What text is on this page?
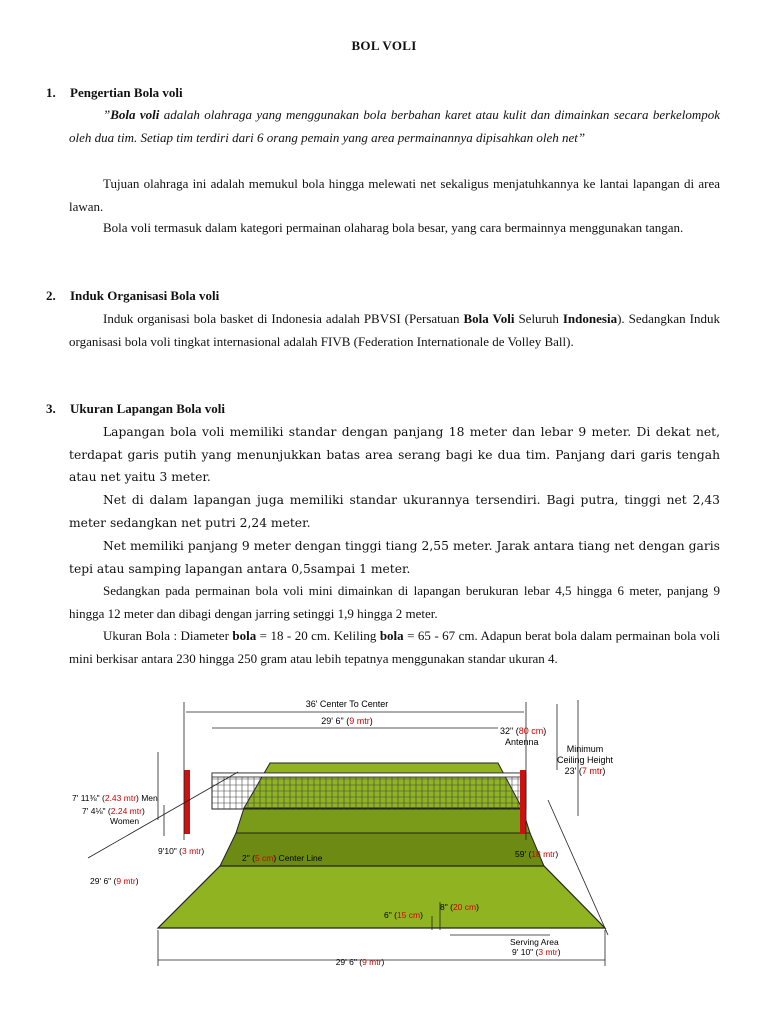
BOL VOLI
1. Pengertian Bola voli

”Bola voli adalah olahraga yang menggunakan bola berbahan karet atau kulit dan dimainkan secara berkelompok oleh dua tim. Setiap tim terdiri dari 6 orang pemain yang area permainannya dipisahkan oleh net”

Tujuan olahraga ini adalah memukul bola hingga melewati net sekaligus menjatuhkannya ke lantai lapangan di area lawan.

Bola voli termasuk dalam kategori permainan olaharag bola besar, yang cara bermainnya menggunakan tangan.

2. Induk Organisasi Bola voli

Induk organisasi bola basket di Indonesia adalah PBVSI (Persatuan Bola Voli Seluruh Indonesia). Sedangkan Induk organisasi bola voli tingkat internasional adalah FIVB (Federation Internationale de Volley Ball).

3. Ukuran Lapangan Bola voli

Lapangan bola voli memiliki standar dengan panjang 18 meter dan lebar 9 meter. Di dekat net, terdapat garis putih yang menunjukkan batas area serang bagi ke dua tim. Panjang dari garis tengah atau net yaitu 3 meter.

Net di dalam lapangan juga memiliki standar ukurannya tersendiri. Bagi putra, tinggi net 2,43 meter sedangkan net putri 2,24 meter.

Net memiliki panjang 9 meter dengan tinggi tiang 2,55 meter. Jarak antara tiang net dengan garis tepi atau samping lapangan antara 0,5sampai 1 meter.

Sedangkan pada permainan bola voli mini dimainkan di lapangan berukuran lebar 4,5 hingga 6 meter, panjang 9 hingga 12 meter dan dibagi dengan jarring setinggi 1,9 hingga 2 meter.

Ukuran Bola : Diameter bola = 18 - 20 cm. Keliling bola = 65 - 67 cm. Adapun berat bola dalam permainan bola voli mini berkisar antara 230 hingga 250 gram atau lebih tepatnya menggunakan standar ukuran 4.

36' Center To Center
29' 6" (9 mtr)
32" (80 cm)
Antenna
Minimum
Ceiling Height
23' (7 mtr)
7' 11⅜" (2.43 mtr) Men
7' 4⅛" (2.24 mtr)
Women
9'10" (3 mtr)
2" (5 cm) Center Line
29' 6" (9 mtr)
59' (18 mtr)
8" (20 cm)
6" (15 cm)
Serving Area
9' 10" (3 mtr)
29' 6" (9 mtr)
